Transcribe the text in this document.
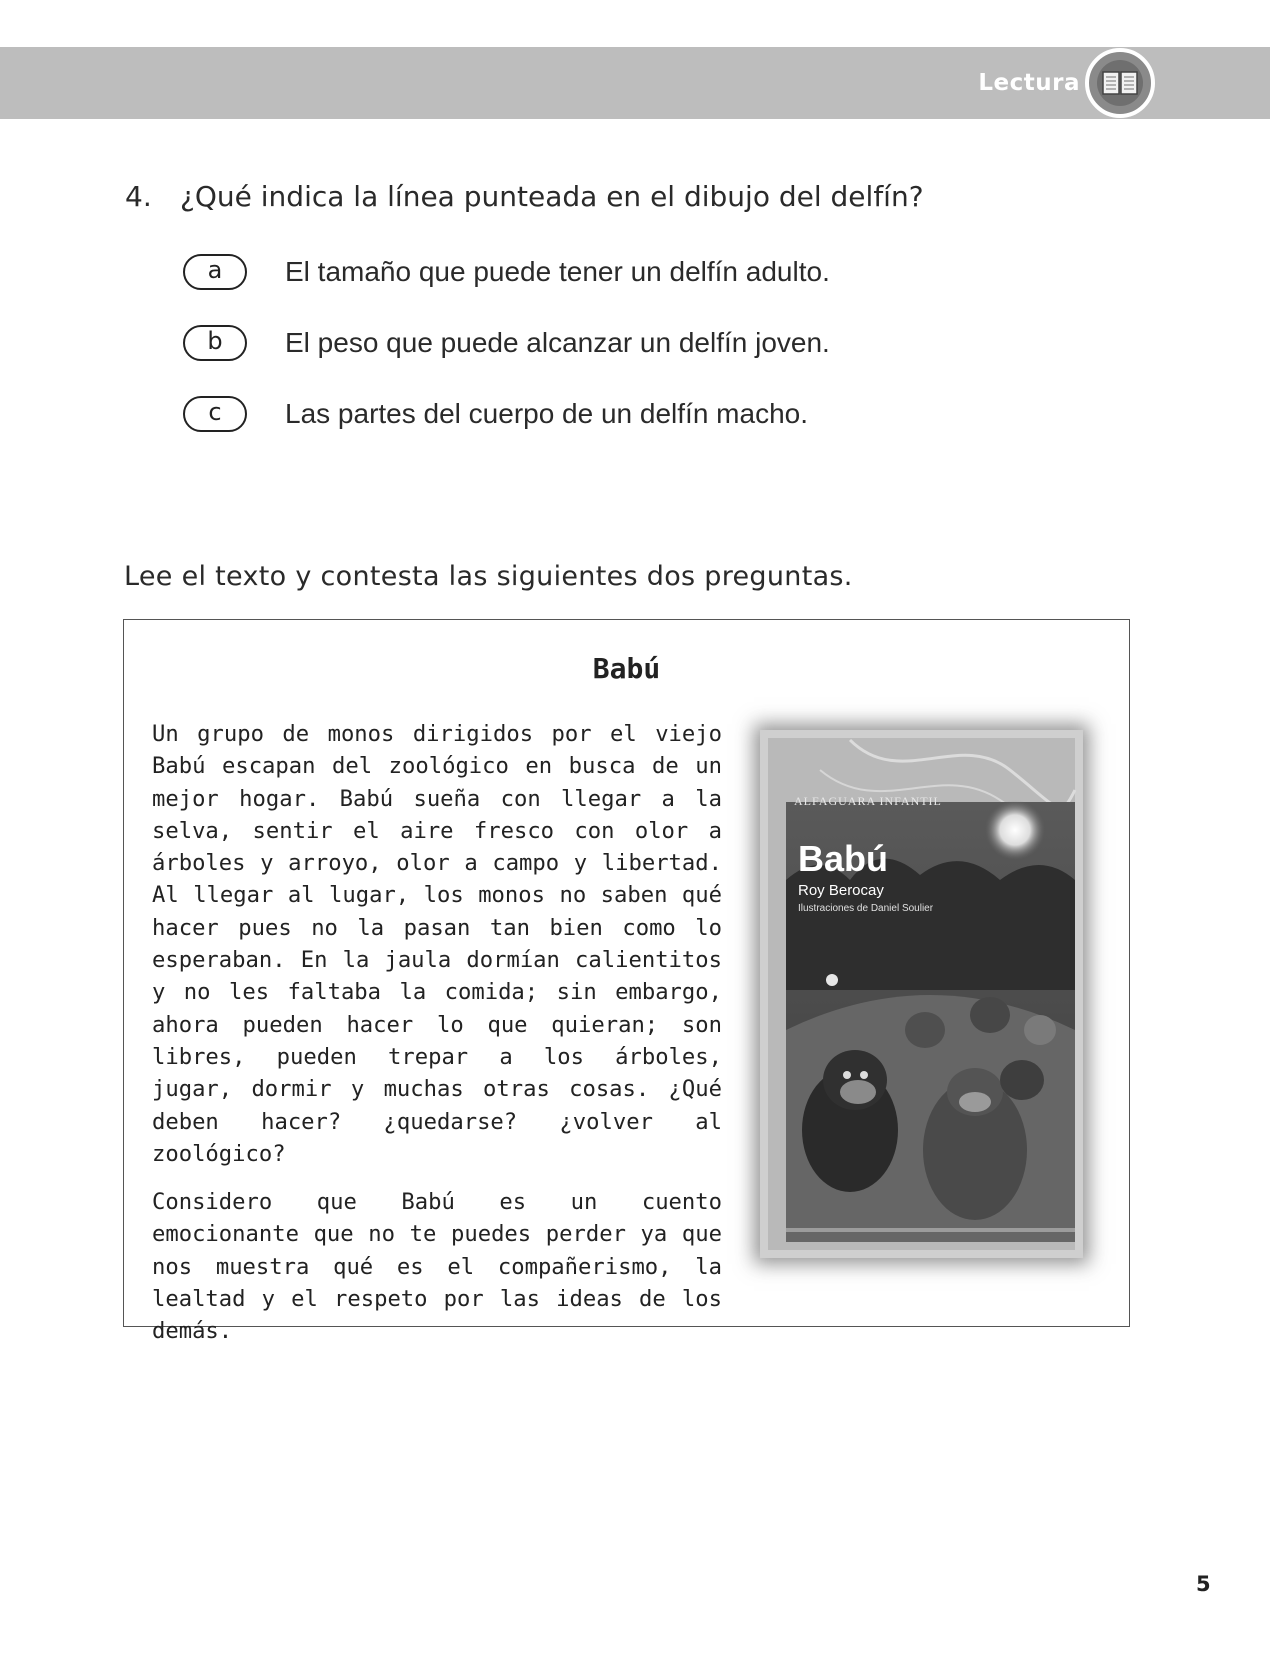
Lectura
4. ¿Qué indica la línea punteada en el dibujo del delfín?
a	El tamaño que puede tener un delfín adulto.
b	El peso que puede alcanzar un delfín joven.
c	Las partes del cuerpo de un delfín macho.
Lee el texto y contesta las siguientes dos preguntas.
Babú

Un grupo de monos dirigidos por el viejo Babú escapan del zoológico en busca de un mejor hogar. Babú sueña con llegar a la selva, sentir el aire fresco con olor a árboles y arroyo, olor a campo y libertad. Al llegar al lugar, los monos no saben qué hacer pues no la pasan tan bien como lo esperaban. En la jaula dormían calientitos y no les faltaba la comida; sin embargo, ahora pueden hacer lo que quieran; son libres, pueden trepar a los árboles, jugar, dormir y muchas otras cosas. ¿Qué deben hacer? ¿quedarse? ¿volver al zoológico?

Considero que Babú es un cuento emocionante que no te puedes perder ya que nos muestra qué es el compañerismo, la lealtad y el respeto por las ideas de los demás.

ALFAGUARA INFANTIL
Babú
Roy Berocay
Ilustraciones de Daniel Soulier
5
